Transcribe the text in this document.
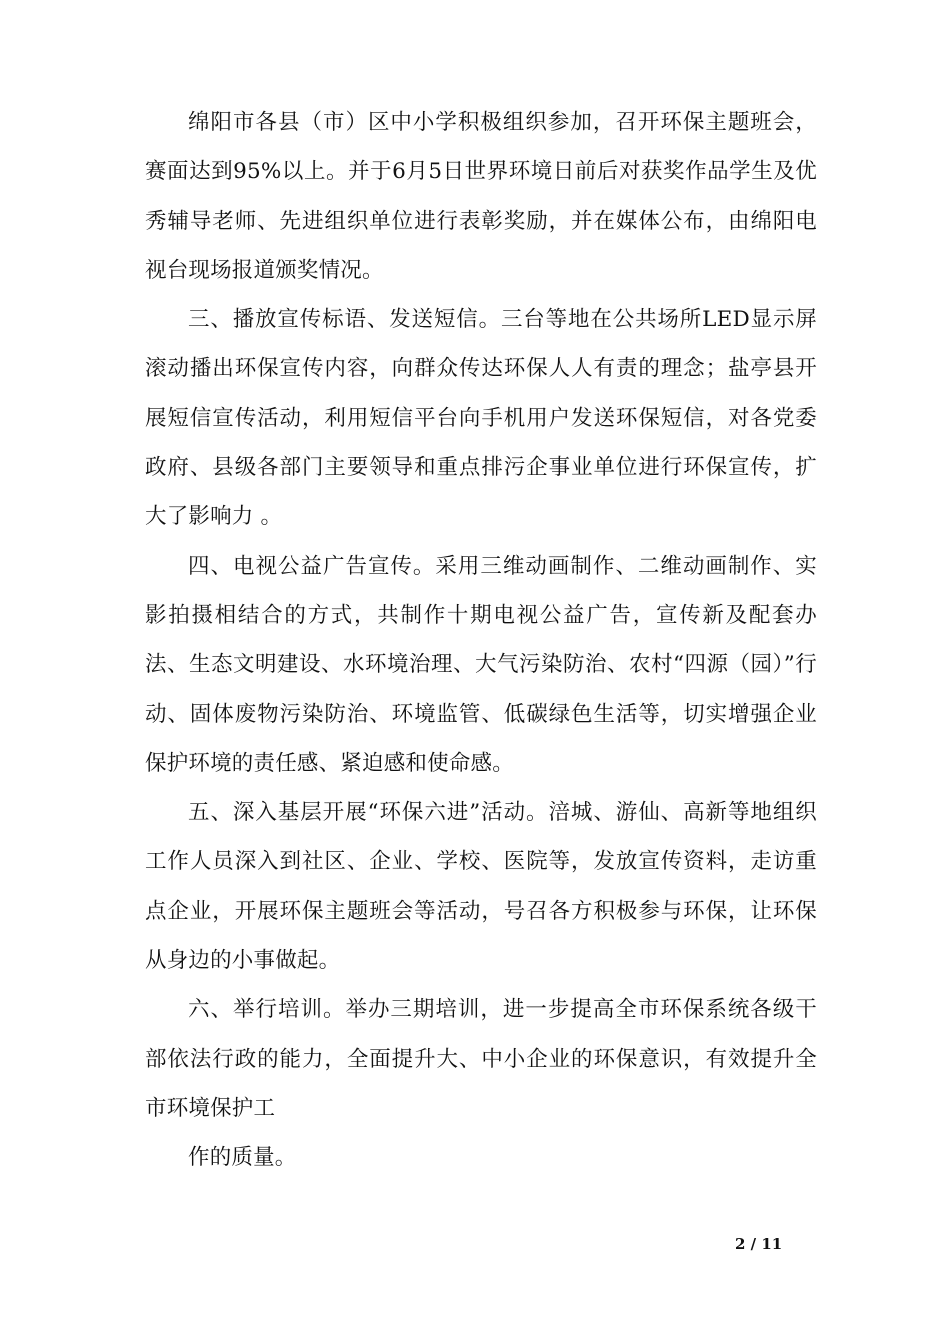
绵阳市各县（市）区中小学积极组织参加，召开环保主题班会，赛面达到95%以上。并于6月5日世界环境日前后对获奖作品学生及优秀辅导老师、先进组织单位进行表彰奖励，并在媒体公布，由绵阳电视台现场报道颁奖情况。

三、播放宣传标语、发送短信。三台等地在公共场所LED显示屏滚动播出环保宣传内容，向群众传达环保人人有责的理念；盐亭县开展短信宣传活动，利用短信平台向手机用户发送环保短信，对各党委政府、县级各部门主要领导和重点排污企事业单位进行环保宣传，扩大了影响力 。

四、电视公益广告宣传。采用三维动画制作、二维动画制作、实影拍摄相结合的方式，共制作十期电视公益广告，宣传新及配套办法、生态文明建设、水环境治理、大气污染防治、农村“四源（园）”行动、固体废物污染防治、环境监管、低碳绿色生活等，切实增强企业保护环境的责任感、紧迫感和使命感。

五、深入基层开展“环保六进”活动。涪城、游仙、高新等地组织工作人员深入到社区、企业、学校、医院等，发放宣传资料，走访重点企业，开展环保主题班会等活动，号召各方积极参与环保，让环保从身边的小事做起。

六、举行培训。举办三期培训，进一步提高全市环保系统各级干部依法行政的能力，全面提升大、中小企业的环保意识，有效提升全市环境保护工

作的质量。

2 / 11
